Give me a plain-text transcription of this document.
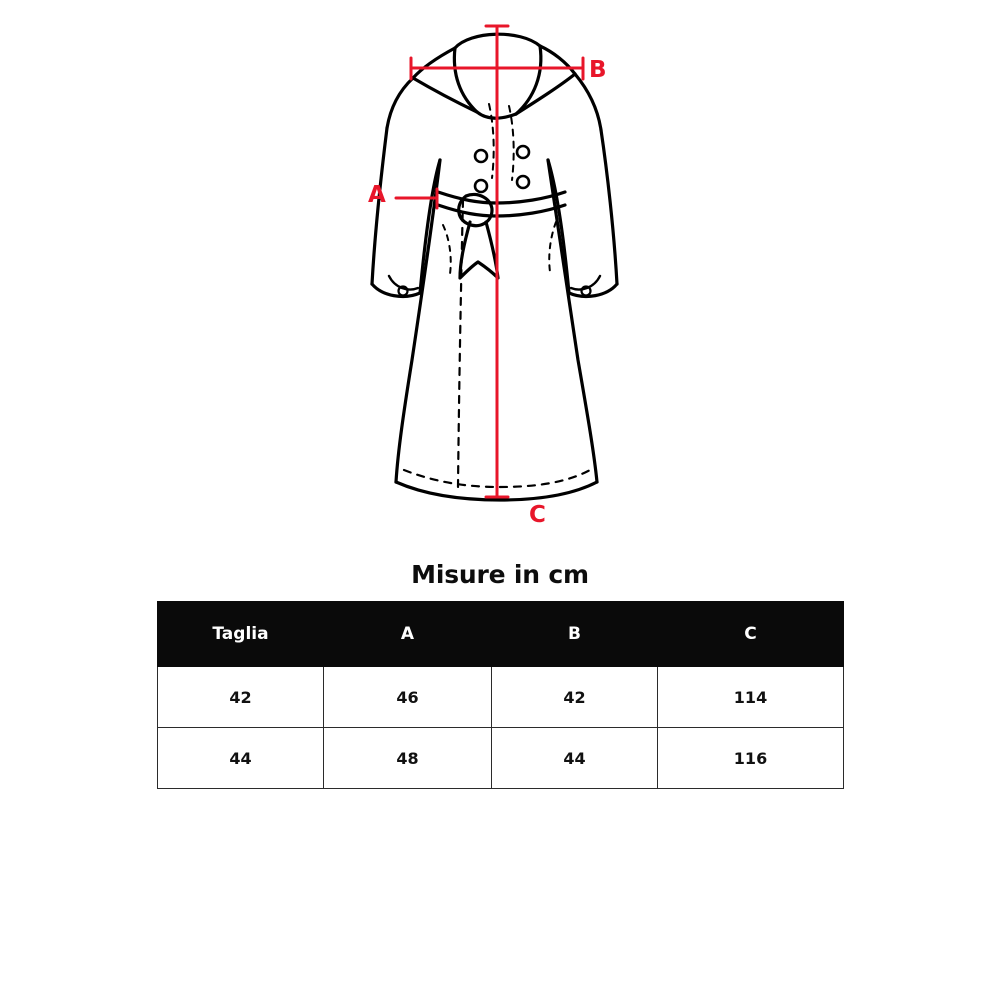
A
B
C
Misure in cm
Taglia	A	B	C
42	46	42	114
44	48	44	116
